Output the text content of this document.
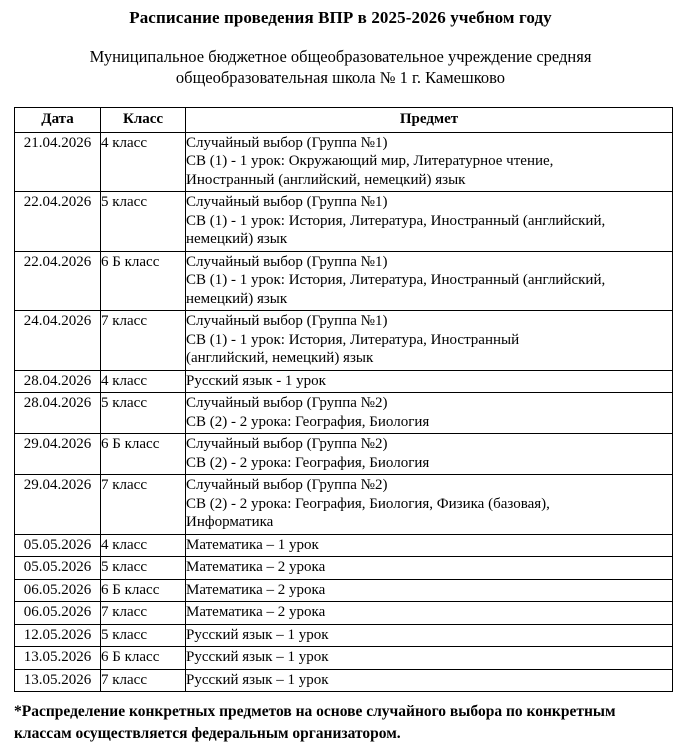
Расписание проведения ВПР в 2025-2026 учебном году
Муниципальное бюджетное общеобразовательное учреждение средняя общеобразовательная школа № 1 г. Камешково
Дата	Класс	Предмет
21.04.2026	4 класс	Случайный выбор (Группа №1)
СВ (1) - 1 урок: Окружающий мир, Литературное чтение,
Иностранный (английский, немецкий) язык

22.04.2026	5 класс	Случайный выбор (Группа №1)
СВ (1) - 1 урок: История, Литература, Иностранный (английский,
немецкий) язык

22.04.2026	6 Б класс	Случайный выбор (Группа №1)
СВ (1) - 1 урок: История, Литература, Иностранный (английский,
немецкий) язык

24.04.2026	7 класс	Случайный выбор (Группа №1)
СВ (1) - 1 урок: История, Литература, Иностранный
(английский, немецкий) язык

28.04.2026	4 класс	Русский язык - 1 урок

28.04.2026	5 класс	Случайный выбор (Группа №2)
СВ (2) - 2 урока: География, Биология

29.04.2026	6 Б класс	Случайный выбор (Группа №2)
СВ (2) - 2 урока: География, Биология

29.04.2026	7 класс	Случайный выбор (Группа №2)
СВ (2) - 2 урока: География, Биология, Физика (базовая),
Информатика

05.05.2026	4 класс	Математика – 1 урок

05.05.2026	5 класс	Математика – 2 урока

06.05.2026	6 Б класс	Математика – 2 урока

06.05.2026	7 класс	Математика – 2 урока

12.05.2026	5 класс	Русский язык – 1 урок

13.05.2026	6 Б класс	Русский язык – 1 урок

13.05.2026	7 класс	Русский язык – 1 урок
*Распределение конкретных предметов на основе случайного выбора по конкретным классам осуществляется федеральным организатором.
